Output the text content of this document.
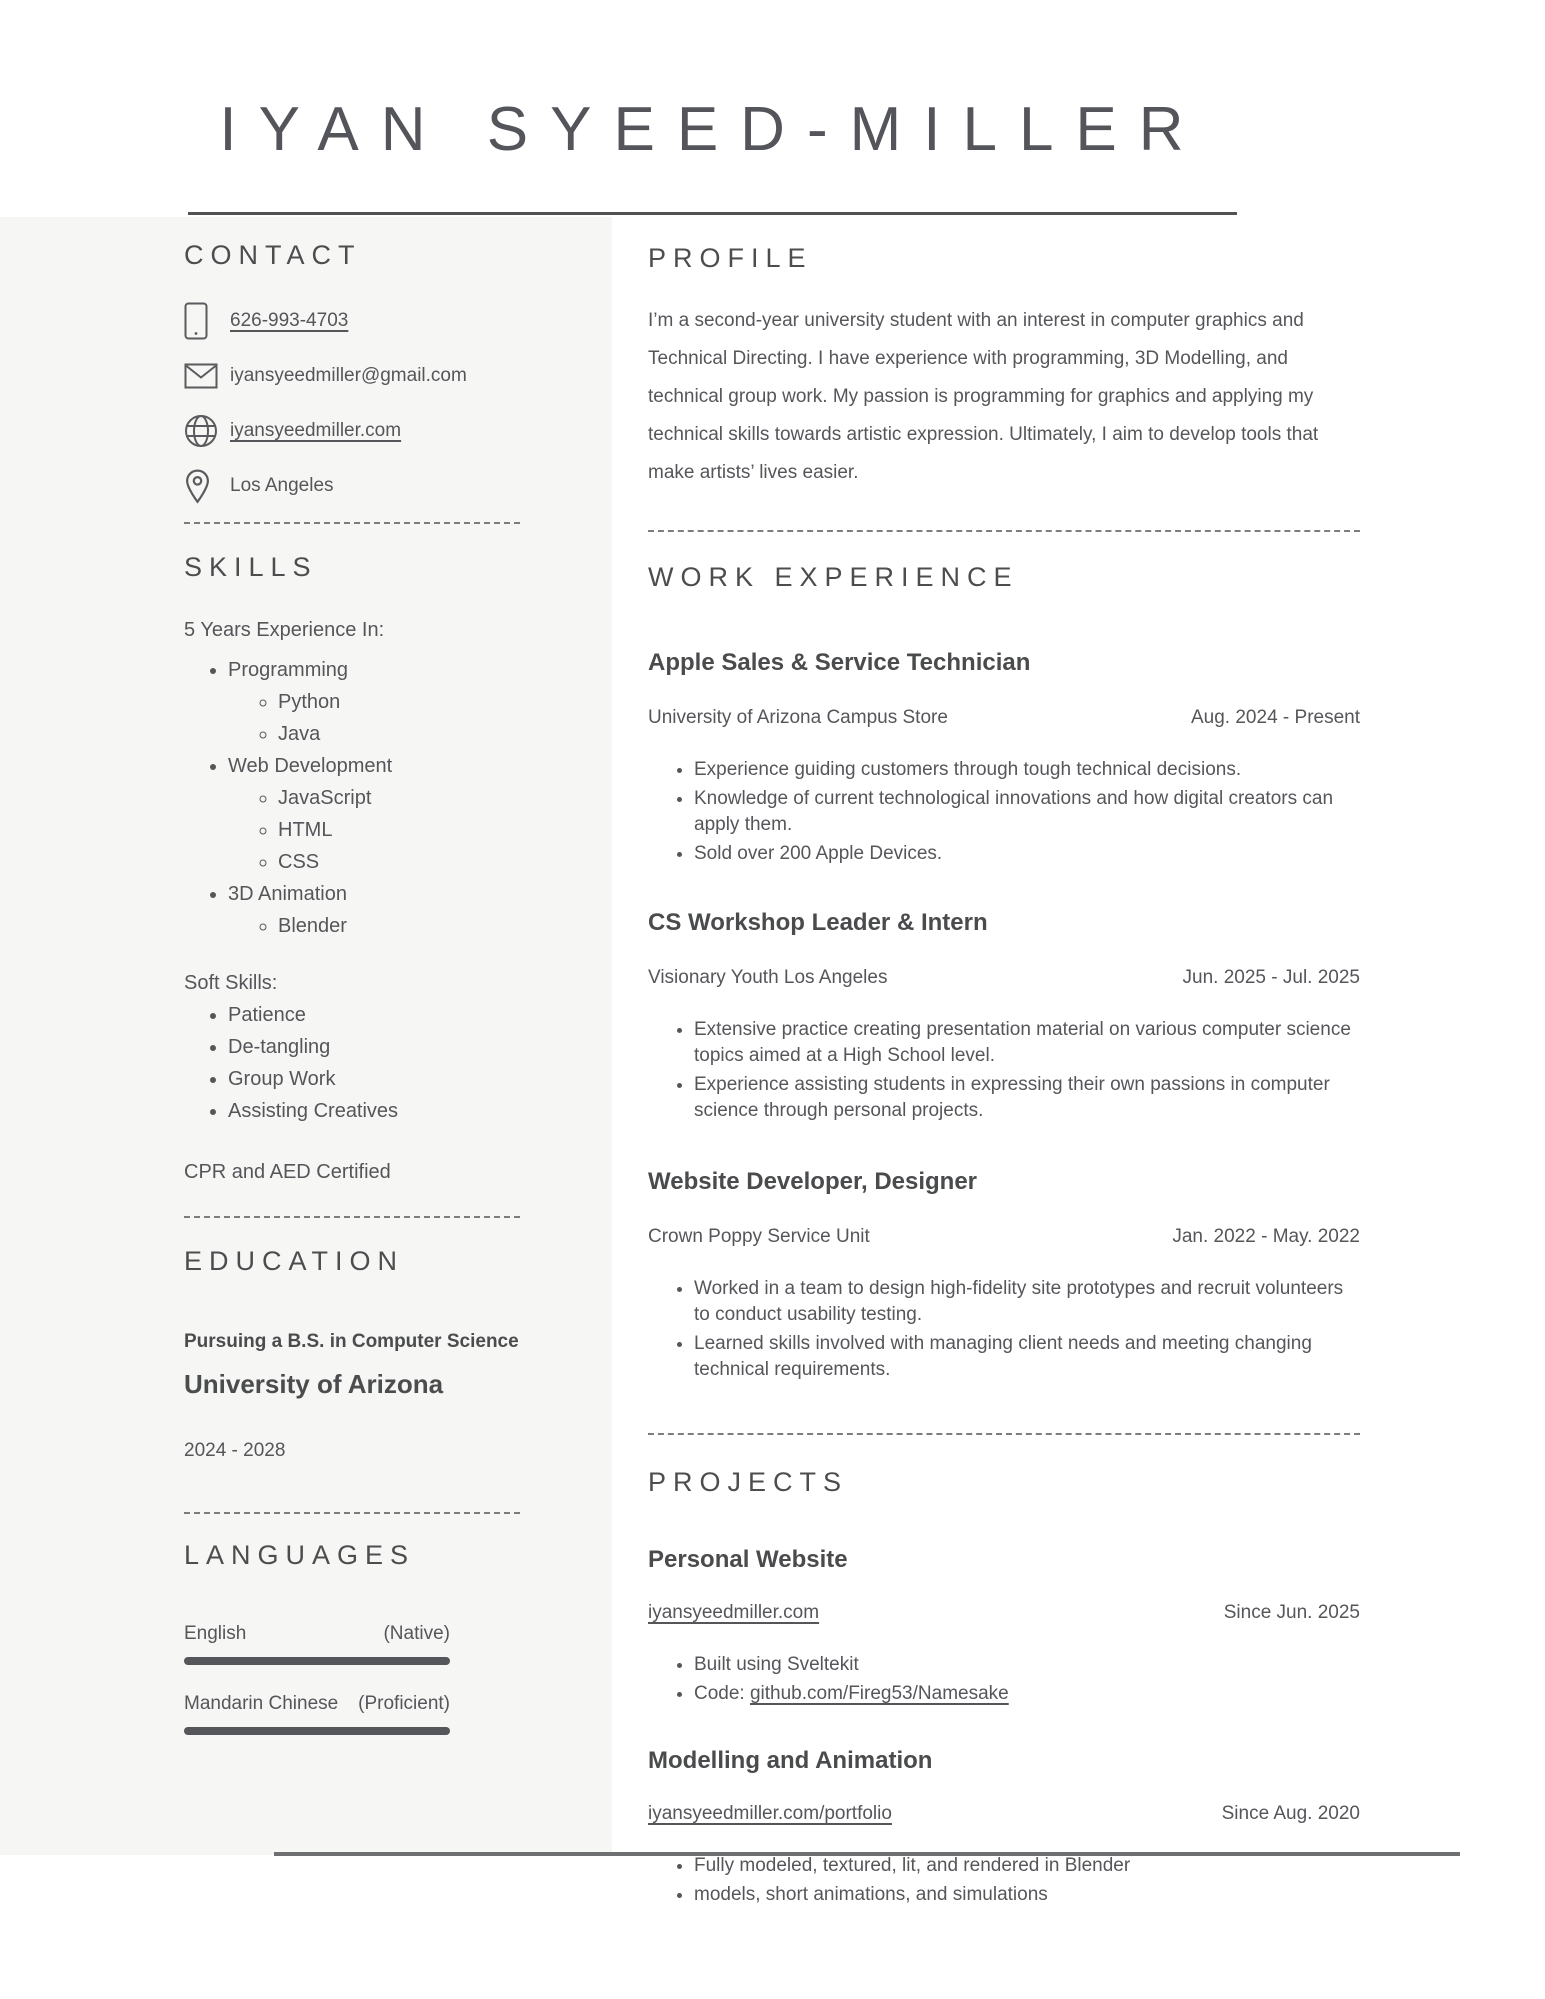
IYAN SYEED-MILLER
CONTACT
626-993-4703
iyansyeedmiller@gmail.com
iyansyeedmiller.com
Los Angeles
SKILLS
5 Years Experience In:
• Programming
◦ Python
◦ Java
• Web Development
◦ JavaScript
◦ HTML
◦ CSS
• 3D Animation
◦ Blender
Soft Skills:
• Patience
• De-tangling
• Group Work
• Assisting Creatives
CPR and AED Certified
EDUCATION
Pursuing a B.S. in Computer Science
University of Arizona
2024 - 2028
LANGUAGES
English	(Native)
Mandarin Chinese (Proficient)
PROFILE

I’m a second-year university student with an interest in computer graphics and Technical Directing. I have experience with programming, 3D Modelling, and technical group work. My passion is programming for graphics and applying my technical skills towards artistic expression. Ultimately, I aim to develop tools that make artists’ lives easier.

WORK EXPERIENCE
Apple Sales & Service Technician
University of Arizona Campus Store	Aug. 2024 - Present
• Experience guiding customers through tough technical decisions.
• Knowledge of current technological innovations and how digital creators can apply them.
• Sold over 200 Apple Devices.
CS Workshop Leader & Intern
Visionary Youth Los Angeles	Jun. 2025 - Jul. 2025
• Extensive practice creating presentation material on various computer science topics aimed at a High School level.
• Experience assisting students in expressing their own passions in computer science through personal projects.
Website Developer, Designer
Crown Poppy Service Unit	Jan. 2022 - May. 2022
• Worked in a team to design high-fidelity site prototypes and recruit volunteers to conduct usability testing.
• Learned skills involved with managing client needs and meeting changing technical requirements.
PROJECTS
Personal Website
iyansyeedmiller.com	Since Jun. 2025
• Built using Sveltekit
• Code: github.com/Fireg53/Namesake
Modelling and Animation
iyansyeedmiller.com/portfolio	Since Aug. 2020
• Fully modeled, textured, lit, and rendered in Blender
• models, short animations, and simulations
